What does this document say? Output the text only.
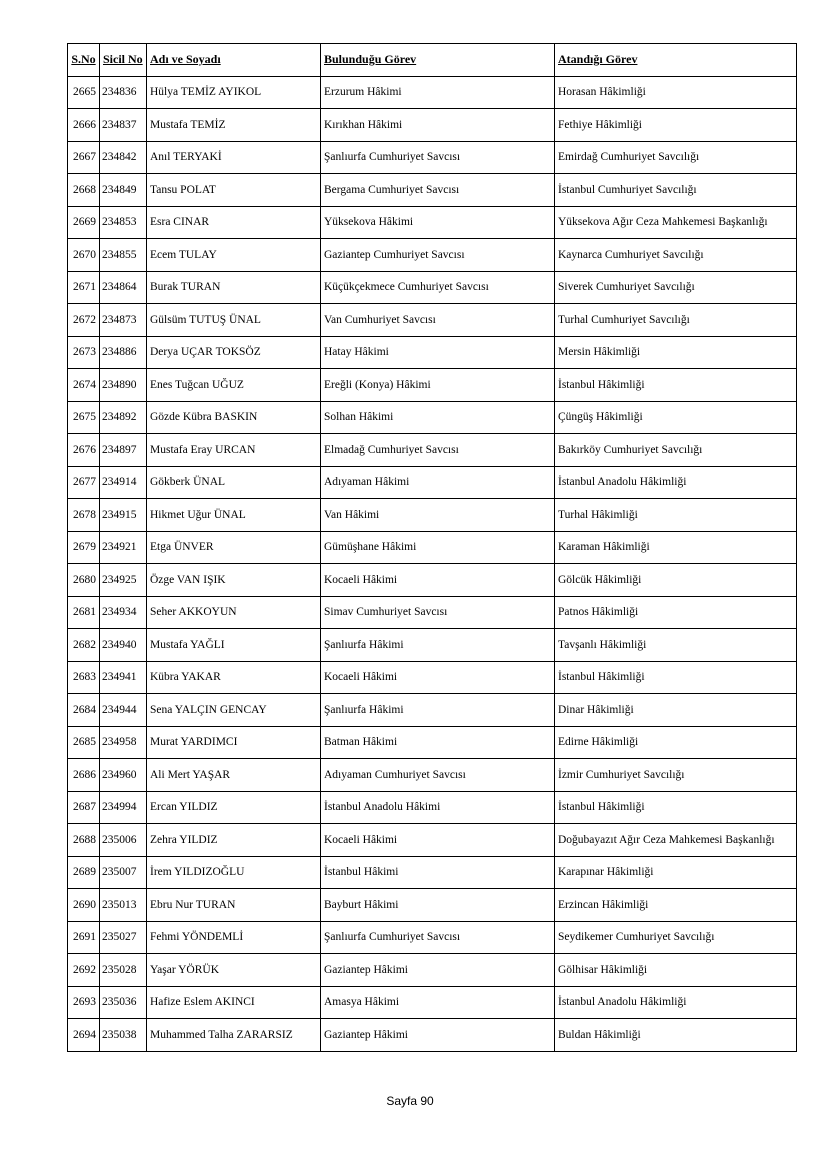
S.No	Sicil No	Adı ve Soyadı	Bulunduğu Görev	Atandığı Görev
2665	234836	Hülya TEMİZ AYIKOL	Erzurum Hâkimi	Horasan Hâkimliği
2666	234837	Mustafa TEMİZ	Kırıkhan Hâkimi	Fethiye Hâkimliği
2667	234842	Anıl TERYAKİ	Şanlıurfa Cumhuriyet Savcısı	Emirdağ Cumhuriyet Savcılığı
2668	234849	Tansu POLAT	Bergama Cumhuriyet Savcısı	İstanbul Cumhuriyet Savcılığı
2669	234853	Esra CINAR	Yüksekova Hâkimi	Yüksekova Ağır Ceza Mahkemesi Başkanlığı
2670	234855	Ecem TULAY	Gaziantep Cumhuriyet Savcısı	Kaynarca Cumhuriyet Savcılığı
2671	234864	Burak TURAN	Küçükçekmece Cumhuriyet Savcısı	Siverek Cumhuriyet Savcılığı
2672	234873	Gülsüm TUTUŞ ÜNAL	Van Cumhuriyet Savcısı	Turhal Cumhuriyet Savcılığı
2673	234886	Derya UÇAR TOKSÖZ	Hatay Hâkimi	Mersin Hâkimliği
2674	234890	Enes Tuğcan UĞUZ	Ereğli (Konya) Hâkimi	İstanbul Hâkimliği
2675	234892	Gözde Kübra BASKIN	Solhan Hâkimi	Çüngüş Hâkimliği
2676	234897	Mustafa Eray URCAN	Elmadağ Cumhuriyet Savcısı	Bakırköy Cumhuriyet Savcılığı
2677	234914	Gökberk ÜNAL	Adıyaman Hâkimi	İstanbul Anadolu Hâkimliği
2678	234915	Hikmet Uğur ÜNAL	Van Hâkimi	Turhal Hâkimliği
2679	234921	Etga ÜNVER	Gümüşhane Hâkimi	Karaman Hâkimliği
2680	234925	Özge VAN IŞIK	Kocaeli Hâkimi	Gölcük Hâkimliği
2681	234934	Seher AKKOYUN	Simav Cumhuriyet Savcısı	Patnos Hâkimliği
2682	234940	Mustafa YAĞLI	Şanlıurfa Hâkimi	Tavşanlı Hâkimliği
2683	234941	Kübra YAKAR	Kocaeli Hâkimi	İstanbul Hâkimliği
2684	234944	Sena YALÇIN GENCAY	Şanlıurfa Hâkimi	Dinar Hâkimliği
2685	234958	Murat YARDIMCI	Batman Hâkimi	Edirne Hâkimliği
2686	234960	Ali Mert YAŞAR	Adıyaman Cumhuriyet Savcısı	İzmir Cumhuriyet Savcılığı
2687	234994	Ercan YILDIZ	İstanbul Anadolu Hâkimi	İstanbul Hâkimliği
2688	235006	Zehra YILDIZ	Kocaeli Hâkimi	Doğubayazıt Ağır Ceza Mahkemesi Başkanlığı
2689	235007	İrem YILDIZOĞLU	İstanbul Hâkimi	Karapınar Hâkimliği
2690	235013	Ebru Nur TURAN	Bayburt Hâkimi	Erzincan Hâkimliği
2691	235027	Fehmi YÖNDEMLİ	Şanlıurfa Cumhuriyet Savcısı	Seydikemer Cumhuriyet Savcılığı
2692	235028	Yaşar YÖRÜK	Gaziantep Hâkimi	Gölhisar Hâkimliği
2693	235036	Hafize Eslem AKINCI	Amasya Hâkimi	İstanbul Anadolu Hâkimliği
2694	235038	Muhammed Talha ZARARSIZ	Gaziantep Hâkimi	Buldan Hâkimliği
Sayfa 90
